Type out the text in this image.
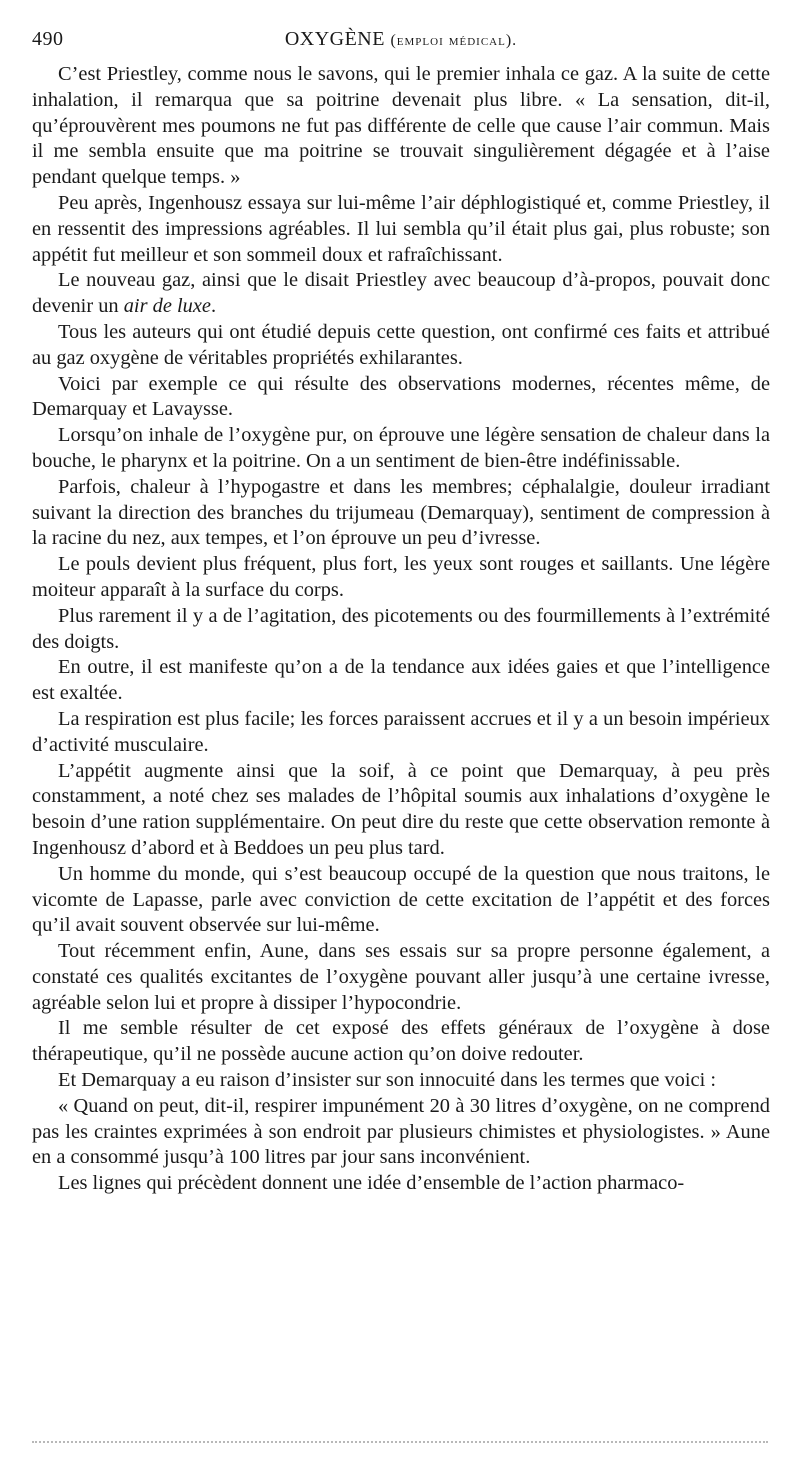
490	OXYGÈNE (emploi médical).

C’est Priestley, comme nous le savons, qui le premier inhala ce gaz. A la suite de cette inhalation, il remarqua que sa poitrine devenait plus libre. « La sensation, dit-il, qu’éprouvèrent mes poumons ne fut pas différente de celle que cause l’air commun. Mais il me sembla ensuite que ma poitrine se trouvait singulièrement dégagée et à l’aise pendant quelque temps. »

Peu après, Ingenhousz essaya sur lui-même l’air déphlogistiqué et, comme Priestley, il en ressentit des impressions agréables. Il lui sembla qu’il était plus gai, plus robuste; son appétit fut meilleur et son sommeil doux et rafraîchissant.

Le nouveau gaz, ainsi que le disait Priestley avec beaucoup d’à-propos, pouvait donc devenir un air de luxe.

Tous les auteurs qui ont étudié depuis cette question, ont confirmé ces faits et attribué au gaz oxygène de véritables propriétés exhilarantes.

Voici par exemple ce qui résulte des observations modernes, récentes même, de Demarquay et Lavaysse.

Lorsqu’on inhale de l’oxygène pur, on éprouve une légère sensation de chaleur dans la bouche, le pharynx et la poitrine. On a un sentiment de bien-être indéfinissable.

Parfois, chaleur à l’hypogastre et dans les membres; céphalalgie, douleur irradiant suivant la direction des branches du trijumeau (Demarquay), sentiment de compression à la racine du nez, aux tempes, et l’on éprouve un peu d’ivresse.

Le pouls devient plus fréquent, plus fort, les yeux sont rouges et saillants. Une légère moiteur apparaît à la surface du corps.

Plus rarement il y a de l’agitation, des picotements ou des fourmillements à l’extrémité des doigts.

En outre, il est manifeste qu’on a de la tendance aux idées gaies et que l’intelligence est exaltée.

La respiration est plus facile; les forces paraissent accrues et il y a un besoin impérieux d’activité musculaire.

L’appétit augmente ainsi que la soif, à ce point que Demarquay, à peu près constamment, a noté chez ses malades de l’hôpital soumis aux inhalations d’oxygène le besoin d’une ration supplémentaire. On peut dire du reste que cette observation remonte à Ingenhousz d’abord et à Beddoes un peu plus tard.

Un homme du monde, qui s’est beaucoup occupé de la question que nous traitons, le vicomte de Lapasse, parle avec conviction de cette excitation de l’appétit et des forces qu’il avait souvent observée sur lui-même.

Tout récemment enfin, Aune, dans ses essais sur sa propre personne également, a constaté ces qualités excitantes de l’oxygène pouvant aller jusqu’à une certaine ivresse, agréable selon lui et propre à dissiper l’hypocondrie.

Il me semble résulter de cet exposé des effets généraux de l’oxygène à dose thérapeutique, qu’il ne possède aucune action qu’on doive redouter.

Et Demarquay a eu raison d’insister sur son innocuité dans les termes que voici :

« Quand on peut, dit-il, respirer impunément 20 à 30 litres d’oxygène, on ne comprend pas les craintes exprimées à son endroit par plusieurs chimistes et physiologistes. » Aune en a consommé jusqu’à 100 litres par jour sans inconvénient.

Les lignes qui précèdent donnent une idée d’ensemble de l’action pharmaco-
